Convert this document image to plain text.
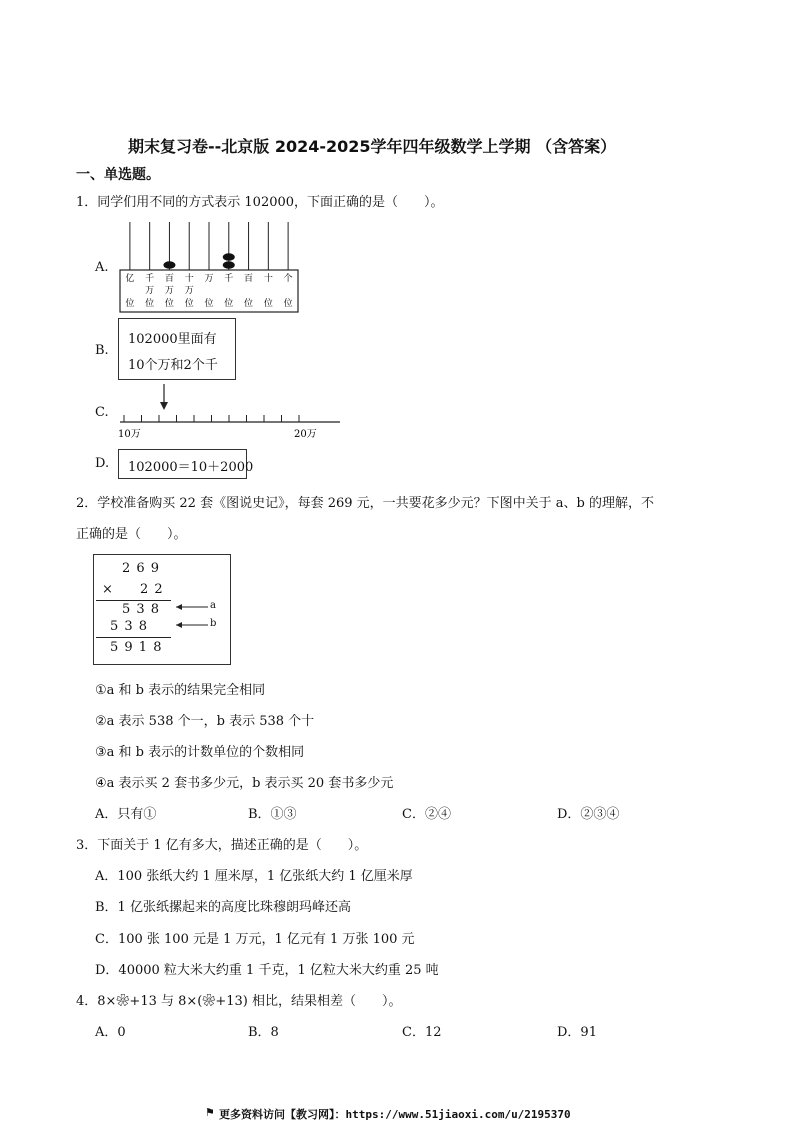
期末复习卷--北京版 2024-2025学年四年级数学上学期 （含答案）
一、单选题。
1．同学们用不同的方式表示 102000，下面正确的是（　　）。
A.
亿
位
千
万
位
百
万
位
十
万
位
万
位
千
位
百
位
十
位
个
位
B.
102000里面有
10个万和2个千
C.
10万	20万
D. 102000＝10＋2000
2．学校准备购买 22 套《图说史记》，每套 269 元，一共要花多少元？下图中关于 a、b 的理解，不
正确的是（　　）。
2 6 9
× 2 2
5 3 8
5 3 8
5 9 1 8
a
b
①a 和 b 表示的结果完全相同
②a 表示 538 个一，b 表示 538 个十
③a 和 b 表示的计数单位的个数相同
④a 表示买 2 套书多少元，b 表示买 20 套书多少元
A．只有①	B．①③	C．②④	D．②③④
3．下面关于 1 亿有多大，描述正确的是（　　）。
A．100 张纸大约 1 厘米厚，1 亿张纸大约 1 亿厘米厚
B．1 亿张纸摞起来的高度比珠穆朗玛峰还高
C．100 张 100 元是 1 万元，1 亿元有 1 万张 100 元
D．40000 粒大米大约重 1 千克，1 亿粒大米大约重 25 吨
4．8×❀+13 与 8×(❀+13) 相比，结果相差（　　）。
A．0	B．8	C．12	D．91
⚑ 更多资料访问【教习网】：https://www.51jiaoxi.com/u/2195370
